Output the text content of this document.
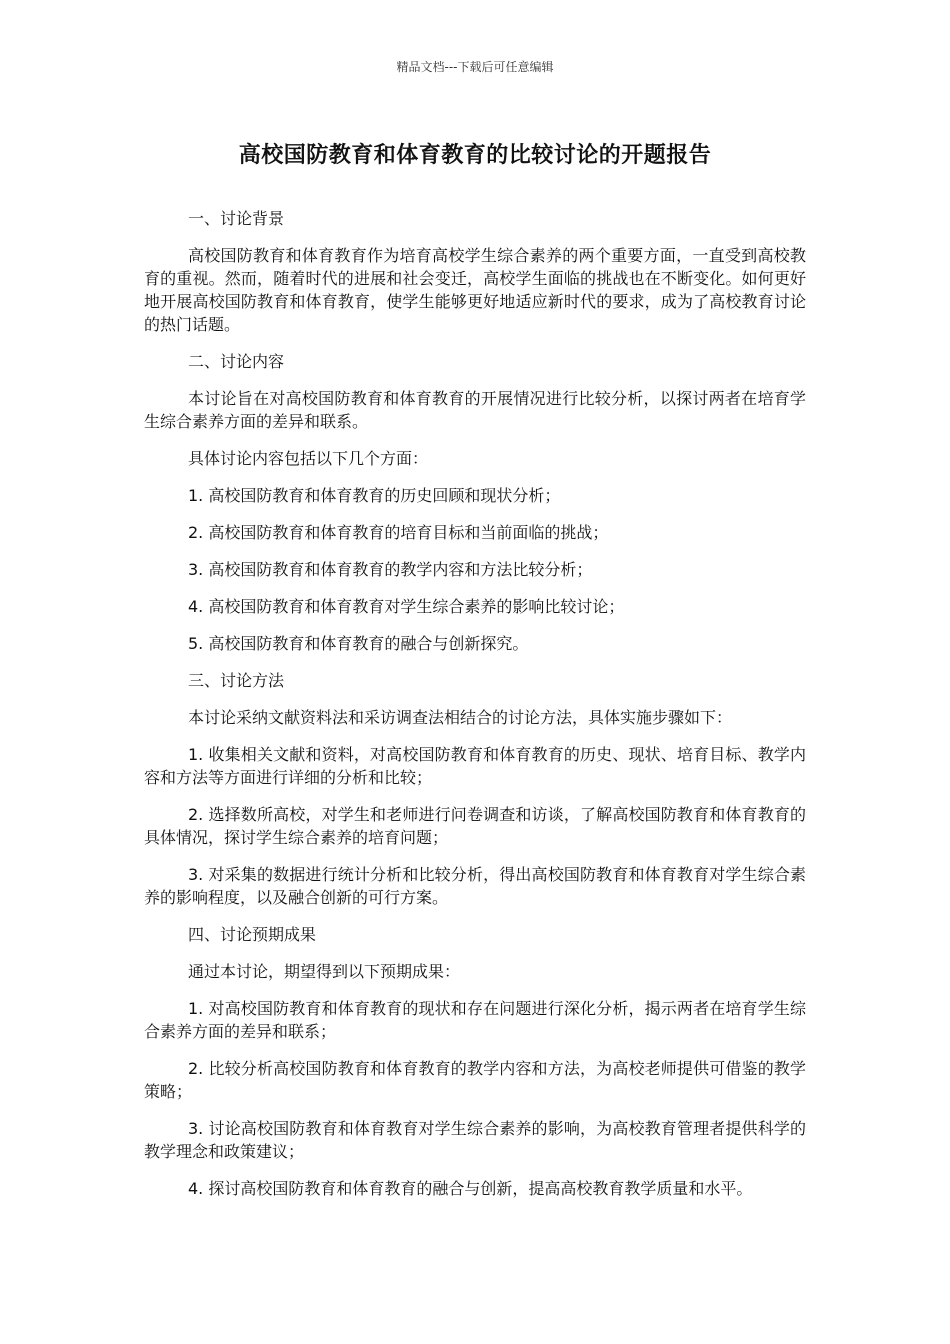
精品文档---下载后可任意编辑
高校国防教育和体育教育的比较讨论的开题报告
一、讨论背景
高校国防教育和体育教育作为培育高校学生综合素养的两个重要方面，一直受到高校教育的重视。然而，随着时代的进展和社会变迁，高校学生面临的挑战也在不断变化。如何更好地开展高校国防教育和体育教育，使学生能够更好地适应新时代的要求，成为了高校教育讨论的热门话题。
二、讨论内容
本讨论旨在对高校国防教育和体育教育的开展情况进行比较分析，以探讨两者在培育学生综合素养方面的差异和联系。
具体讨论内容包括以下几个方面：
1. 高校国防教育和体育教育的历史回顾和现状分析；
2. 高校国防教育和体育教育的培育目标和当前面临的挑战；
3. 高校国防教育和体育教育的教学内容和方法比较分析；
4. 高校国防教育和体育教育对学生综合素养的影响比较讨论；
5. 高校国防教育和体育教育的融合与创新探究。
三、讨论方法
本讨论采纳文献资料法和采访调查法相结合的讨论方法，具体实施步骤如下：
1. 收集相关文献和资料，对高校国防教育和体育教育的历史、现状、培育目标、教学内容和方法等方面进行详细的分析和比较；
2. 选择数所高校，对学生和老师进行问卷调查和访谈，了解高校国防教育和体育教育的具体情况，探讨学生综合素养的培育问题；
3. 对采集的数据进行统计分析和比较分析，得出高校国防教育和体育教育对学生综合素养的影响程度，以及融合创新的可行方案。
四、讨论预期成果
通过本讨论，期望得到以下预期成果：
1. 对高校国防教育和体育教育的现状和存在问题进行深化分析，揭示两者在培育学生综合素养方面的差异和联系；
2. 比较分析高校国防教育和体育教育的教学内容和方法，为高校老师提供可借鉴的教学策略；
3. 讨论高校国防教育和体育教育对学生综合素养的影响，为高校教育管理者提供科学的教学理念和政策建议；
4. 探讨高校国防教育和体育教育的融合与创新，提高高校教育教学质量和水平。
